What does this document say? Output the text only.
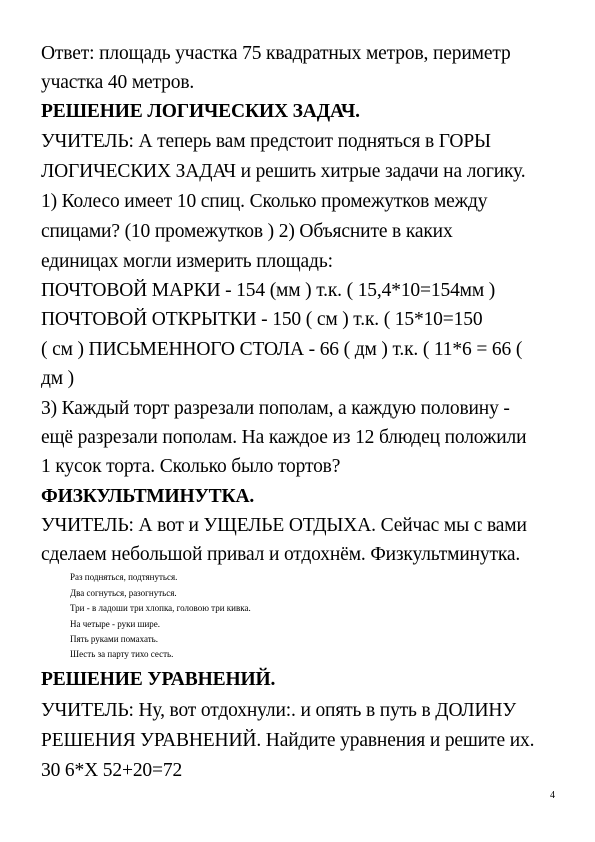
Ответ: площадь участка 75 квадратных метров, периметр
участка 40 метров.
РЕШЕНИЕ ЛОГИЧЕСКИХ ЗАДАЧ.
УЧИТЕЛЬ: А теперь вам предстоит подняться в ГОРЫ
ЛОГИЧЕСКИХ ЗАДАЧ и решить хитрые задачи на логику.
1) Колесо имеет 10 спиц. Сколько промежутков между
спицами? (10 промежутков ) 2) Объясните в каких
единицах могли измерить площадь:
ПОЧТОВОЙ МАРКИ - 154 (мм ) т.к. ( 15,4*10=154мм )
ПОЧТОВОЙ ОТКРЫТКИ - 150 ( см ) т.к. ( 15*10=150
( см ) ПИСЬМЕННОГО СТОЛА - 66 ( дм ) т.к. ( 11*6 = 66 (
дм )
3) Каждый торт разрезали пополам, а каждую половину -
ещё разрезали пополам. На каждое из 12 блюдец положили
1 кусок торта. Сколько было тортов?
ФИЗКУЛЬТМИНУТКА.
УЧИТЕЛЬ: А вот и УЩЕЛЬЕ ОТДЫХА. Сейчас мы с вами
сделаем небольшой привал и отдохнём. Физкультминутка.
Раз подняться, подтянуться.
Два согнуться, разогнуться.
Три - в ладоши три хлопка, головою три кивка.
На четыре - руки шире.
Пять руками помахать.
Шесть за парту тихо сесть.
РЕШЕНИЕ УРАВНЕНИЙ.
УЧИТЕЛЬ: Ну, вот отдохнули:. и опять в путь в ДОЛИНУ
РЕШЕНИЯ УРАВНЕНИЙ. Найдите уравнения и решите их.
30 6*Х 52+20=72
4
